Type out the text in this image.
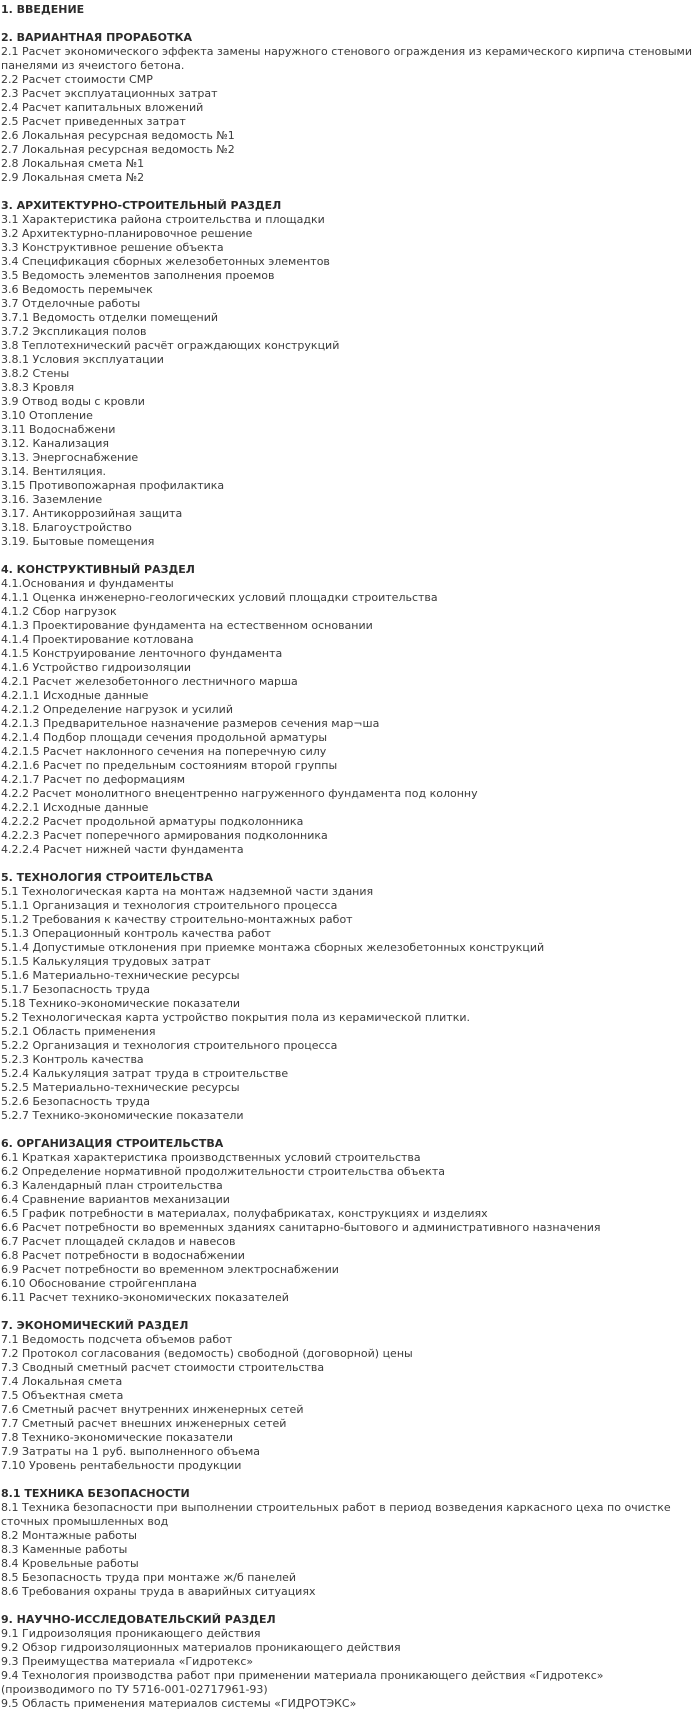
1. ВВЕДЕНИЕ
2. ВАРИАНТНАЯ ПРОРАБОТКА
2.1 Расчет экономического эффекта замены наружного стенового ограждения из керамического кирпича стеновыми панелями из ячеистого бетона.
2.2 Расчет стоимости СМР
2.3 Расчет эксплуатационных затрат
2.4 Расчет капитальных вложений
2.5 Расчет приведенных затрат
2.6 Локальная ресурсная ведомость №1
2.7 Локальная ресурсная ведомость №2
2.8 Локальная смета №1
2.9 Локальная смета №2
3. АРХИТЕКТУРНО-СТРОИТЕЛЬНЫЙ РАЗДЕЛ
3.1 Характеристика района строительства и площадки
3.2 Архитектурно-планировочное решение
3.3 Конструктивное решение объекта
3.4 Спецификация сборных железобетонных элементов
3.5 Ведомость элементов заполнения проемов
3.6 Ведомость перемычек
3.7 Отделочные работы
3.7.1 Ведомость отделки помещений
3.7.2 Экспликация полов
3.8 Теплотехнический расчёт ограждающих конструкций
3.8.1 Условия эксплуатации
3.8.2 Стены
3.8.3 Кровля
3.9 Отвод воды с кровли
3.10 Отопление
3.11 Водоснабжени
3.12. Канализация
3.13. Энергоснабжение
3.14. Вентиляция.
3.15 Противопожарная профилактика
3.16. Заземление
3.17. Антикоррозийная защита
3.18. Благоустройство
3.19. Бытовые помещения
4. КОНСТРУКТИВНЫЙ РАЗДЕЛ
4.1.Основания и фундаменты
4.1.1 Оценка инженерно-геологических условий площадки строительства
4.1.2 Сбор нагрузок
4.1.3 Проектирование фундамента на естественном основании
4.1.4 Проектирование котлована
4.1.5 Конструирование ленточного фундамента
4.1.6 Устройство гидроизоляции
4.2.1 Расчет железобетонного лестничного марша
4.2.1.1 Исходные данные
4.2.1.2 Определение нагрузок и усилий
4.2.1.3 Предварительное назначение размеров сечения мар¬ша
4.2.1.4 Подбор площади сечения продольной арматуры
4.2.1.5 Расчет наклонного сечения на поперечную силу
4.2.1.6 Расчет по предельным состояниям второй группы
4.2.1.7 Расчет по деформациям
4.2.2 Расчет монолитного внецентренно нагруженного фундамента под колонну
4.2.2.1 Исходные данные
4.2.2.2 Расчет продольной арматуры подколонника
4.2.2.3 Расчет поперечного армирования подколонника
4.2.2.4 Расчет нижней части фундамента
5. ТЕХНОЛОГИЯ СТРОИТЕЛЬСТВА
5.1 Технологическая карта на монтаж надземной части здания
5.1.1 Организация и технология строительного процесса
5.1.2 Требования к качеству строительно-монтажных работ
5.1.3 Операционный контроль качества работ
5.1.4 Допустимые отклонения при приемке монтажа сборных железобетонных конструкций
5.1.5 Калькуляция трудовых затрат
5.1.6 Материально-технические ресурсы
5.1.7 Безопасность труда
5.18 Технико-экономические показатели
5.2 Технологическая карта устройство покрытия пола из керамической плитки.
5.2.1 Область применения
5.2.2 Организация и технология строительного процесса
5.2.3 Контроль качества
5.2.4 Калькуляция затрат труда в строительстве
5.2.5 Материально-технические ресурсы
5.2.6 Безопасность труда
5.2.7 Технико-экономические показатели
6. ОРГАНИЗАЦИЯ СТРОИТЕЛЬСТВА
6.1 Краткая характеристика производственных условий строительства
6.2 Определение нормативной продолжительности строительства объекта
6.3 Календарный план строительства
6.4 Сравнение вариантов механизации
6.5 График потребности в материалах, полуфабрикатах, конструкциях и изделиях
6.6 Расчет потребности во временных зданиях санитарно-бытового и административного назначения
6.7 Расчет площадей складов и навесов
6.8 Расчет потребности в водоснабжении
6.9 Расчет потребности во временном электроснабжении
6.10 Обоснование стройгенплана
6.11 Расчет технико-экономических показателей
7. ЭКОНОМИЧЕСКИЙ РАЗДЕЛ
7.1 Ведомость подсчета объемов работ
7.2 Протокол согласования (ведомость) свободной (договорной) цены
7.3 Сводный сметный расчет стоимости строительства
7.4 Локальная смета
7.5 Объектная смета
7.6 Сметный расчет внутренних инженерных сетей
7.7 Сметный расчет внешних инженерных сетей
7.8 Технико-экономические показатели
7.9 Затраты на 1 руб. выполненного объема
7.10 Уровень рентабельности продукции
8.1 ТЕХНИКА БЕЗОПАСНОСТИ
8.1 Техника безопасности при выполнении строительных работ в период возведения каркасного цеха по очистке сточных промышленных вод
8.2 Монтажные работы
8.3 Каменные работы
8.4 Кровельные работы
8.5 Безопасность труда при монтаже ж/б панелей
8.6 Требования охраны труда в аварийных ситуациях
9. НАУЧНО-ИССЛЕДОВАТЕЛЬСКИЙ РАЗДЕЛ
9.1 Гидроизоляция проникающего действия
9.2 Обзор гидроизоляционных материалов проникающего действия
9.3 Преимущества материала «Гидротекс»
9.4 Технология производства работ при применении материала проникающего действия «Гидротекс» (производимого по ТУ 5716-001-02717961-93)
9.5 Область применения материалов системы «ГИДРОТЭКС»
